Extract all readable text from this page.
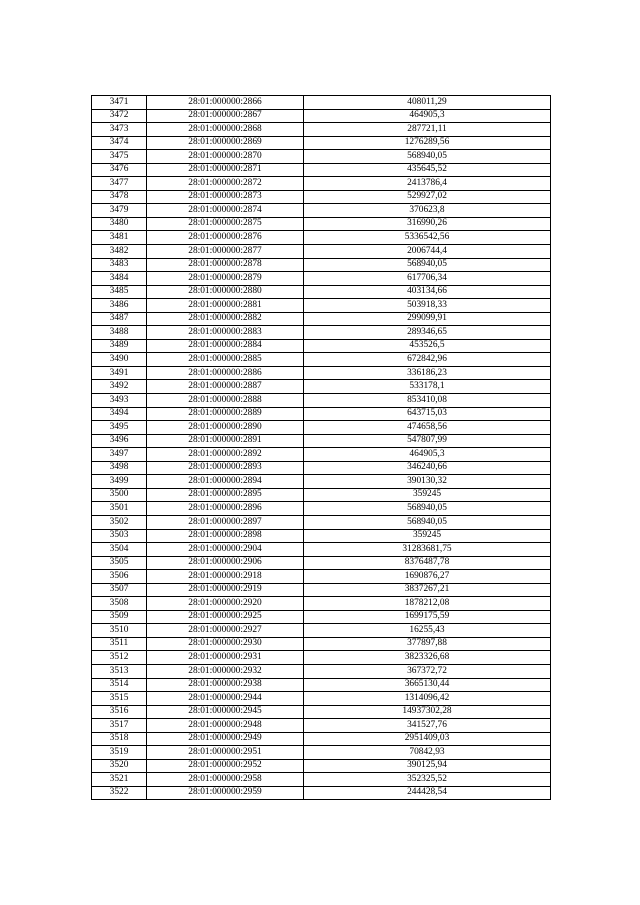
3471	28:01:000000:2866	408011,29
3472	28:01:000000:2867	464905,3
3473	28:01:000000:2868	287721,11
3474	28:01:000000:2869	1276289,56
3475	28:01:000000:2870	568940,05
3476	28:01:000000:2871	435645,52
3477	28:01:000000:2872	2413786,4
3478	28:01:000000:2873	529927,02
3479	28:01:000000:2874	370623,8
3480	28:01:000000:2875	316990,26
3481	28:01:000000:2876	5336542,56
3482	28:01:000000:2877	2006744,4
3483	28:01:000000:2878	568940,05
3484	28:01:000000:2879	617706,34
3485	28:01:000000:2880	403134,66
3486	28:01:000000:2881	503918,33
3487	28:01:000000:2882	299099,91
3488	28:01:000000:2883	289346,65
3489	28:01:000000:2884	453526,5
3490	28:01:000000:2885	672842,96
3491	28:01:000000:2886	336186,23
3492	28:01:000000:2887	533178,1
3493	28:01:000000:2888	853410,08
3494	28:01:000000:2889	643715,03
3495	28:01:000000:2890	474658,56
3496	28:01:000000:2891	547807,99
3497	28:01:000000:2892	464905,3
3498	28:01:000000:2893	346240,66
3499	28:01:000000:2894	390130,32
3500	28:01:000000:2895	359245
3501	28:01:000000:2896	568940,05
3502	28:01:000000:2897	568940,05
3503	28:01:000000:2898	359245
3504	28:01:000000:2904	31283681,75
3505	28:01:000000:2906	8376487,78
3506	28:01:000000:2918	1690876,27
3507	28:01:000000:2919	3837267,21
3508	28:01:000000:2920	1878212,08
3509	28:01:000000:2925	1699175,59
3510	28:01:000000:2927	16255,43
3511	28:01:000000:2930	377897,88
3512	28:01:000000:2931	3823326,68
3513	28:01:000000:2932	367372,72
3514	28:01:000000:2938	3665130,44
3515	28:01:000000:2944	1314096,42
3516	28:01:000000:2945	14937302,28
3517	28:01:000000:2948	341527,76
3518	28:01:000000:2949	2951409,03
3519	28:01:000000:2951	70842,93
3520	28:01:000000:2952	390125,94
3521	28:01:000000:2958	352325,52
3522	28:01:000000:2959	244428,54
